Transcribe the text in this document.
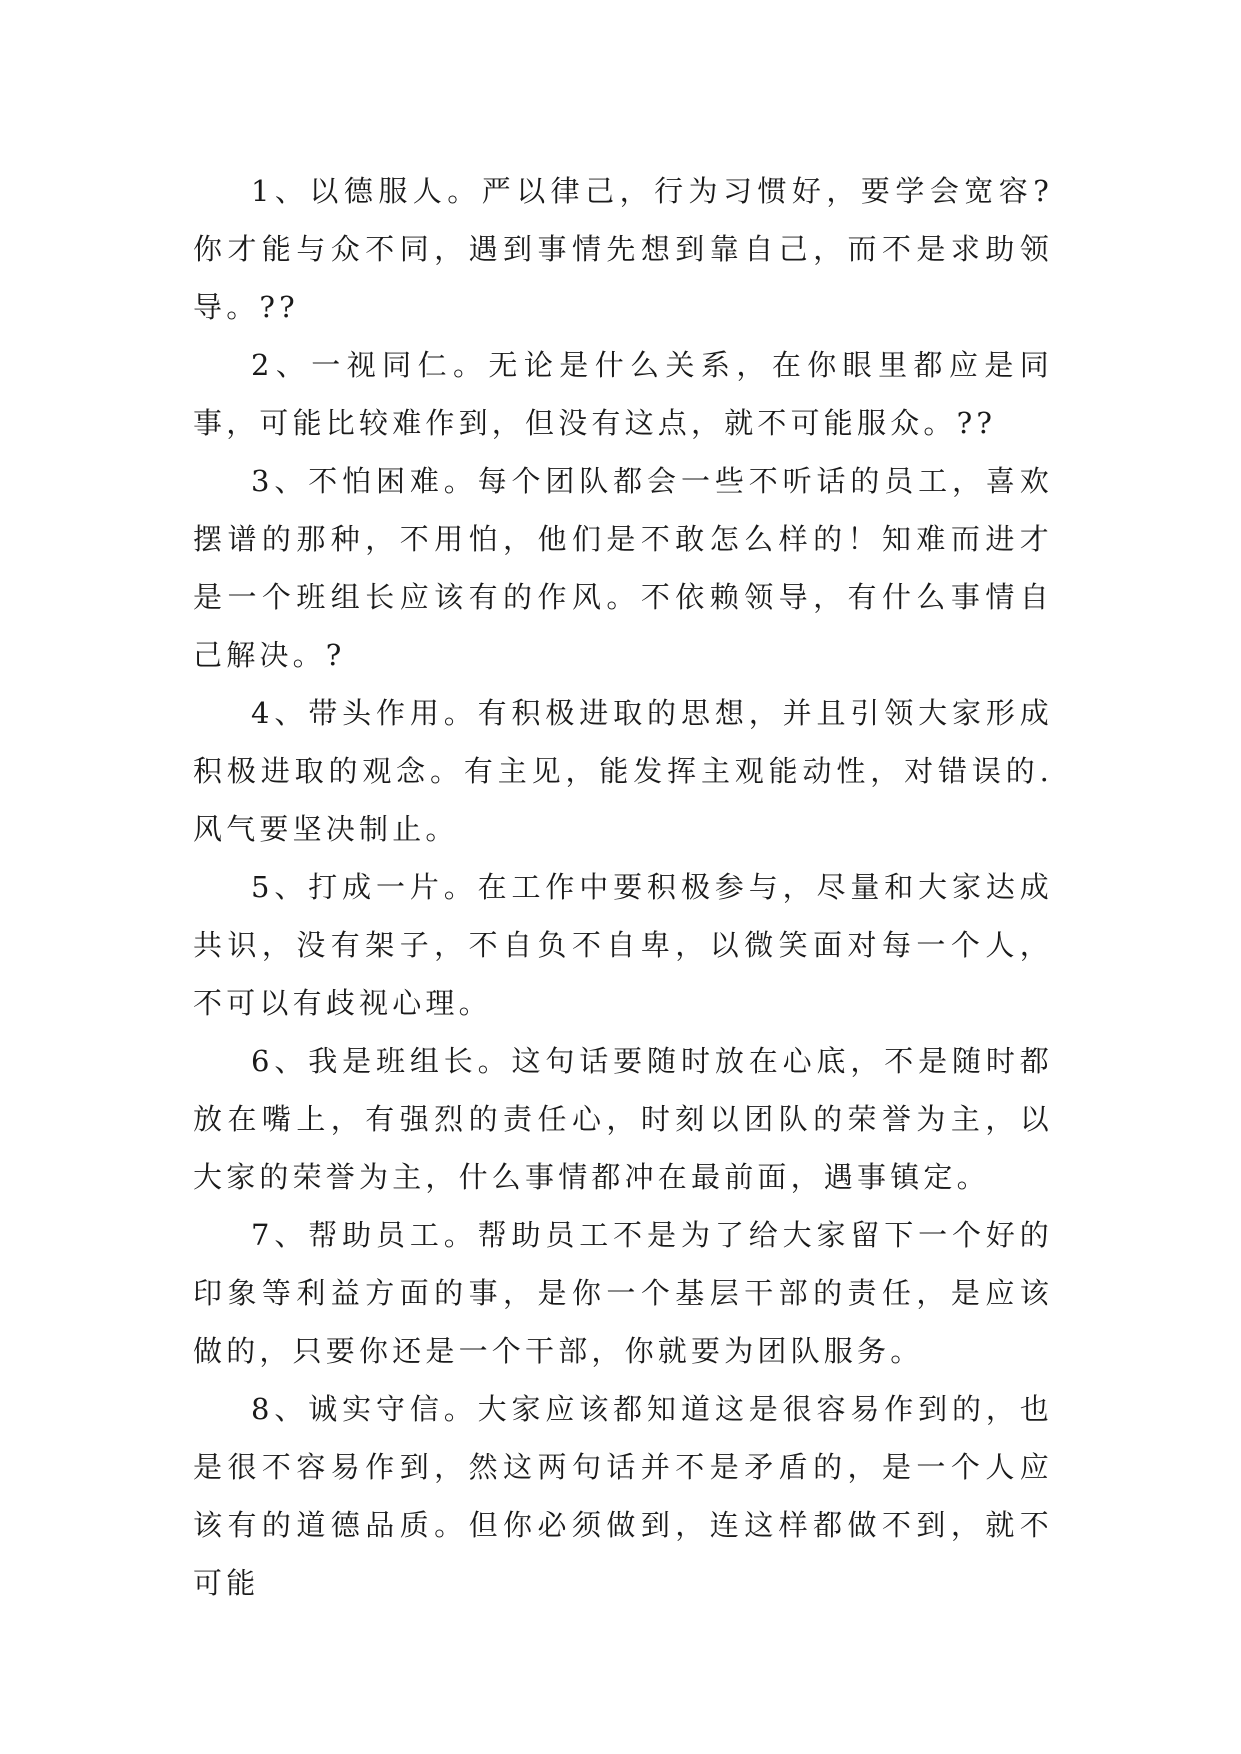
1、以德服人。严以律己，行为习惯好，要学会宽容?你才能与众不同，遇到事情先想到靠自己，而不是求助领导。??

2、一视同仁。无论是什么关系，在你眼里都应是同事，可能比较难作到，但没有这点，就不可能服众。??

3、不怕困难。每个团队都会一些不听话的员工，喜欢摆谱的那种，不用怕，他们是不敢怎么样的！知难而进才是一个班组长应该有的作风。不依赖领导，有什么事情自己解决。?

4、带头作用。有积极进取的思想，并且引领大家形成积极进取的观念。有主见，能发挥主观能动性，对错误的.风气要坚决制止。

5、打成一片。在工作中要积极参与，尽量和大家达成共识，没有架子，不自负不自卑，以微笑面对每一个人，不可以有歧视心理。

6、我是班组长。这句话要随时放在心底，不是随时都放在嘴上，有强烈的责任心，时刻以团队的荣誉为主，以大家的荣誉为主，什么事情都冲在最前面，遇事镇定。

7、帮助员工。帮助员工不是为了给大家留下一个好的印象等利益方面的事，是你一个基层干部的责任，是应该做的，只要你还是一个干部，你就要为团队服务。

8、诚实守信。大家应该都知道这是很容易作到的，也是很不容易作到，然这两句话并不是矛盾的，是一个人应该有的道德品质。但你必须做到，连这样都做不到，就不可能
